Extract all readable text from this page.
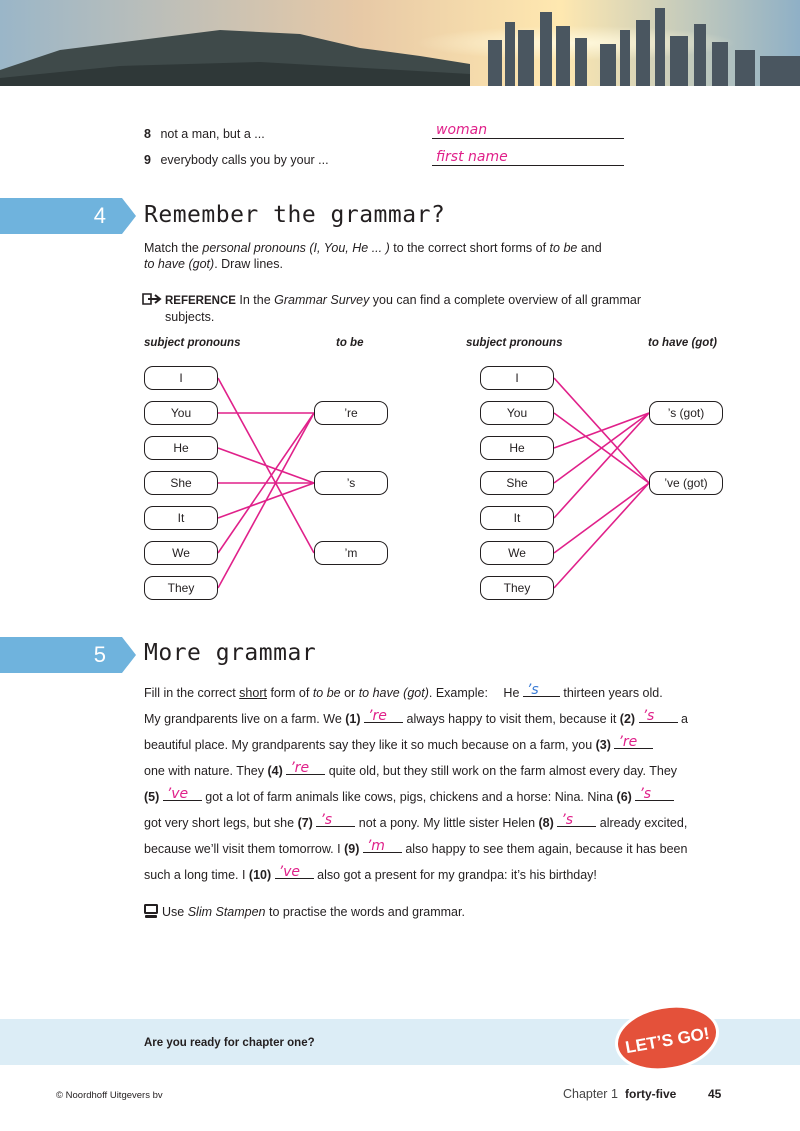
8 not a man, but a ...	woman
9 everybody calls you by your ...	first name
4	Remember the grammar?
Match the personal pronouns (I, You, He ... ) to the correct short forms of to be and
to have (got). Draw lines.
REFERENCE In the Grammar Survey you can find a complete overview of all grammar
subjects.
subject pronouns	to be	subject pronouns	to have (got)
I
You
He
She
It
We
They
’re
’s
’m
I
You
He
She
It
We
They
’s (got)
’ve (got)
5	More grammar
Fill in the correct short form of to be or to have (got). Example: He ’s thirteen years old.
My grandparents live on a farm. We (1) ’re always happy to visit them, because it (2) ’s a
beautiful place. My grandparents say they like it so much because on a farm, you (3) ’re
one with nature. They (4) ’re quite old, but they still work on the farm almost every day. They
(5) ’ve got a lot of farm animals like cows, pigs, chickens and a horse: Nina. Nina (6) ’s
got very short legs, but she (7) ’s not a pony. My little sister Helen (8) ’s already excited,
because we’ll visit them tomorrow. I (9) ’m also happy to see them again, because it has been
such a long time. I (10) ’ve also got a present for my grandpa: it’s his birthday!
Use Slim Stampen to practise the words and grammar.
Are you ready for chapter one?	LET’S GO!
© Noordhoff Uitgevers bv	Chapter 1 forty-five	45
